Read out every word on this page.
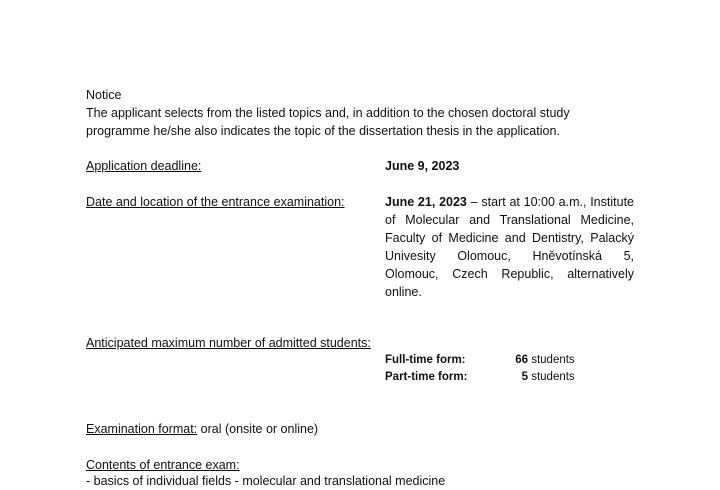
Notice
The applicant selects from the listed topics and, in addition to the chosen doctoral study
programme he/she also indicates the topic of the dissertation thesis in the application.
Application deadline:	June 9, 2023
Date and location of the entrance examination:	June 21, 2023 – start at 10:00 a.m., Institute of Molecular and Translational Medicine, Faculty of Medicine and Dentistry, Palacký Univesity Olomouc, Hněvotínská 5, Olomouc, Czech Republic, alternatively online.
Anticipated maximum number of admitted students:
Full-time form:	66 students
Part-time form:	5 students
Examination format: oral (onsite or online)
Contents of entrance exam:
- basics of individual fields - molecular and translational medicine
